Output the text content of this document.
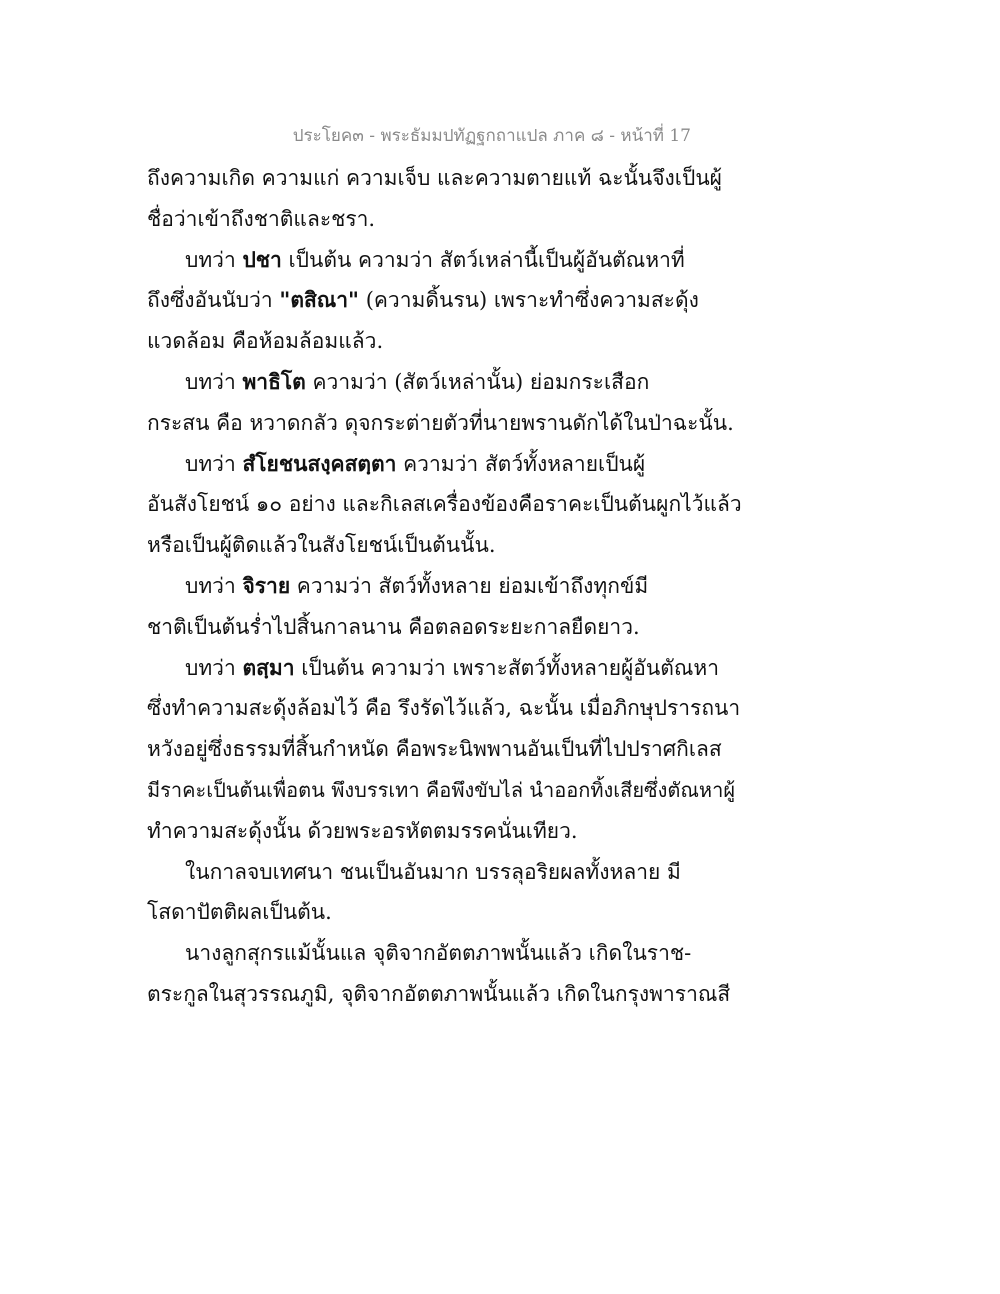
ประโยค๓ - พระธัมมปทัฏฐกถาแปล ภาค ๘ - หน้าที่ 17
ถึงความเกิด ความแก่ ความเจ็บ และความตายแท้ ฉะนั้นจึงเป็นผู้
ชื่อว่าเข้าถึงชาติและชรา.
บทว่า ปชา เป็นต้น ความว่า สัตว์เหล่านี้เป็นผู้อันตัณหาที่
ถึงซึ่งอันนับว่า "ตสิณา" (ความดิ้นรน) เพราะทำซึ่งความสะดุ้ง
แวดล้อม คือห้อมล้อมแล้ว.
บทว่า พาธิโต ความว่า (สัตว์เหล่านั้น) ย่อมกระเสือก
กระสน คือ หวาดกลัว ดุจกระต่ายตัวที่นายพรานดักได้ในป่าฉะนั้น.
บทว่า สํโยชนสงฺคสตฺตา ความว่า สัตว์ทั้งหลายเป็นผู้
อันสังโยชน์ ๑๐ อย่าง และกิเลสเครื่องข้องคือราคะเป็นต้นผูกไว้แล้ว
หรือเป็นผู้ติดแล้วในสังโยชน์เป็นต้นนั้น.
บทว่า จิราย ความว่า สัตว์ทั้งหลาย ย่อมเข้าถึงทุกข์มี
ชาติเป็นต้นร่ำไปสิ้นกาลนาน คือตลอดระยะกาลยืดยาว.
บทว่า ตสฺมา เป็นต้น ความว่า เพราะสัตว์ทั้งหลายผู้อันตัณหา
ซึ่งทำความสะดุ้งล้อมไว้ คือ รึงรัดไว้แล้ว, ฉะนั้น เมื่อภิกษุปรารถนา
หวังอยู่ซึ่งธรรมที่สิ้นกำหนัด คือพระนิพพานอันเป็นที่ไปปราศกิเลส
มีราคะเป็นต้นเพื่อตน พึงบรรเทา คือพึงขับไล่ นำออกทิ้งเสียซึ่งตัณหาผู้
ทำความสะดุ้งนั้น ด้วยพระอรหัตตมรรคนั่นเทียว.
ในกาลจบเทศนา ชนเป็นอันมาก บรรลุอริยผลทั้งหลาย มี
โสดาปัตติผลเป็นต้น.
นางลูกสุกรแม้นั้นแล จุติจากอัตตภาพนั้นแล้ว เกิดในราช-
ตระกูลในสุวรรณภูมิ, จุติจากอัตตภาพนั้นแล้ว เกิดในกรุงพาราณสี
